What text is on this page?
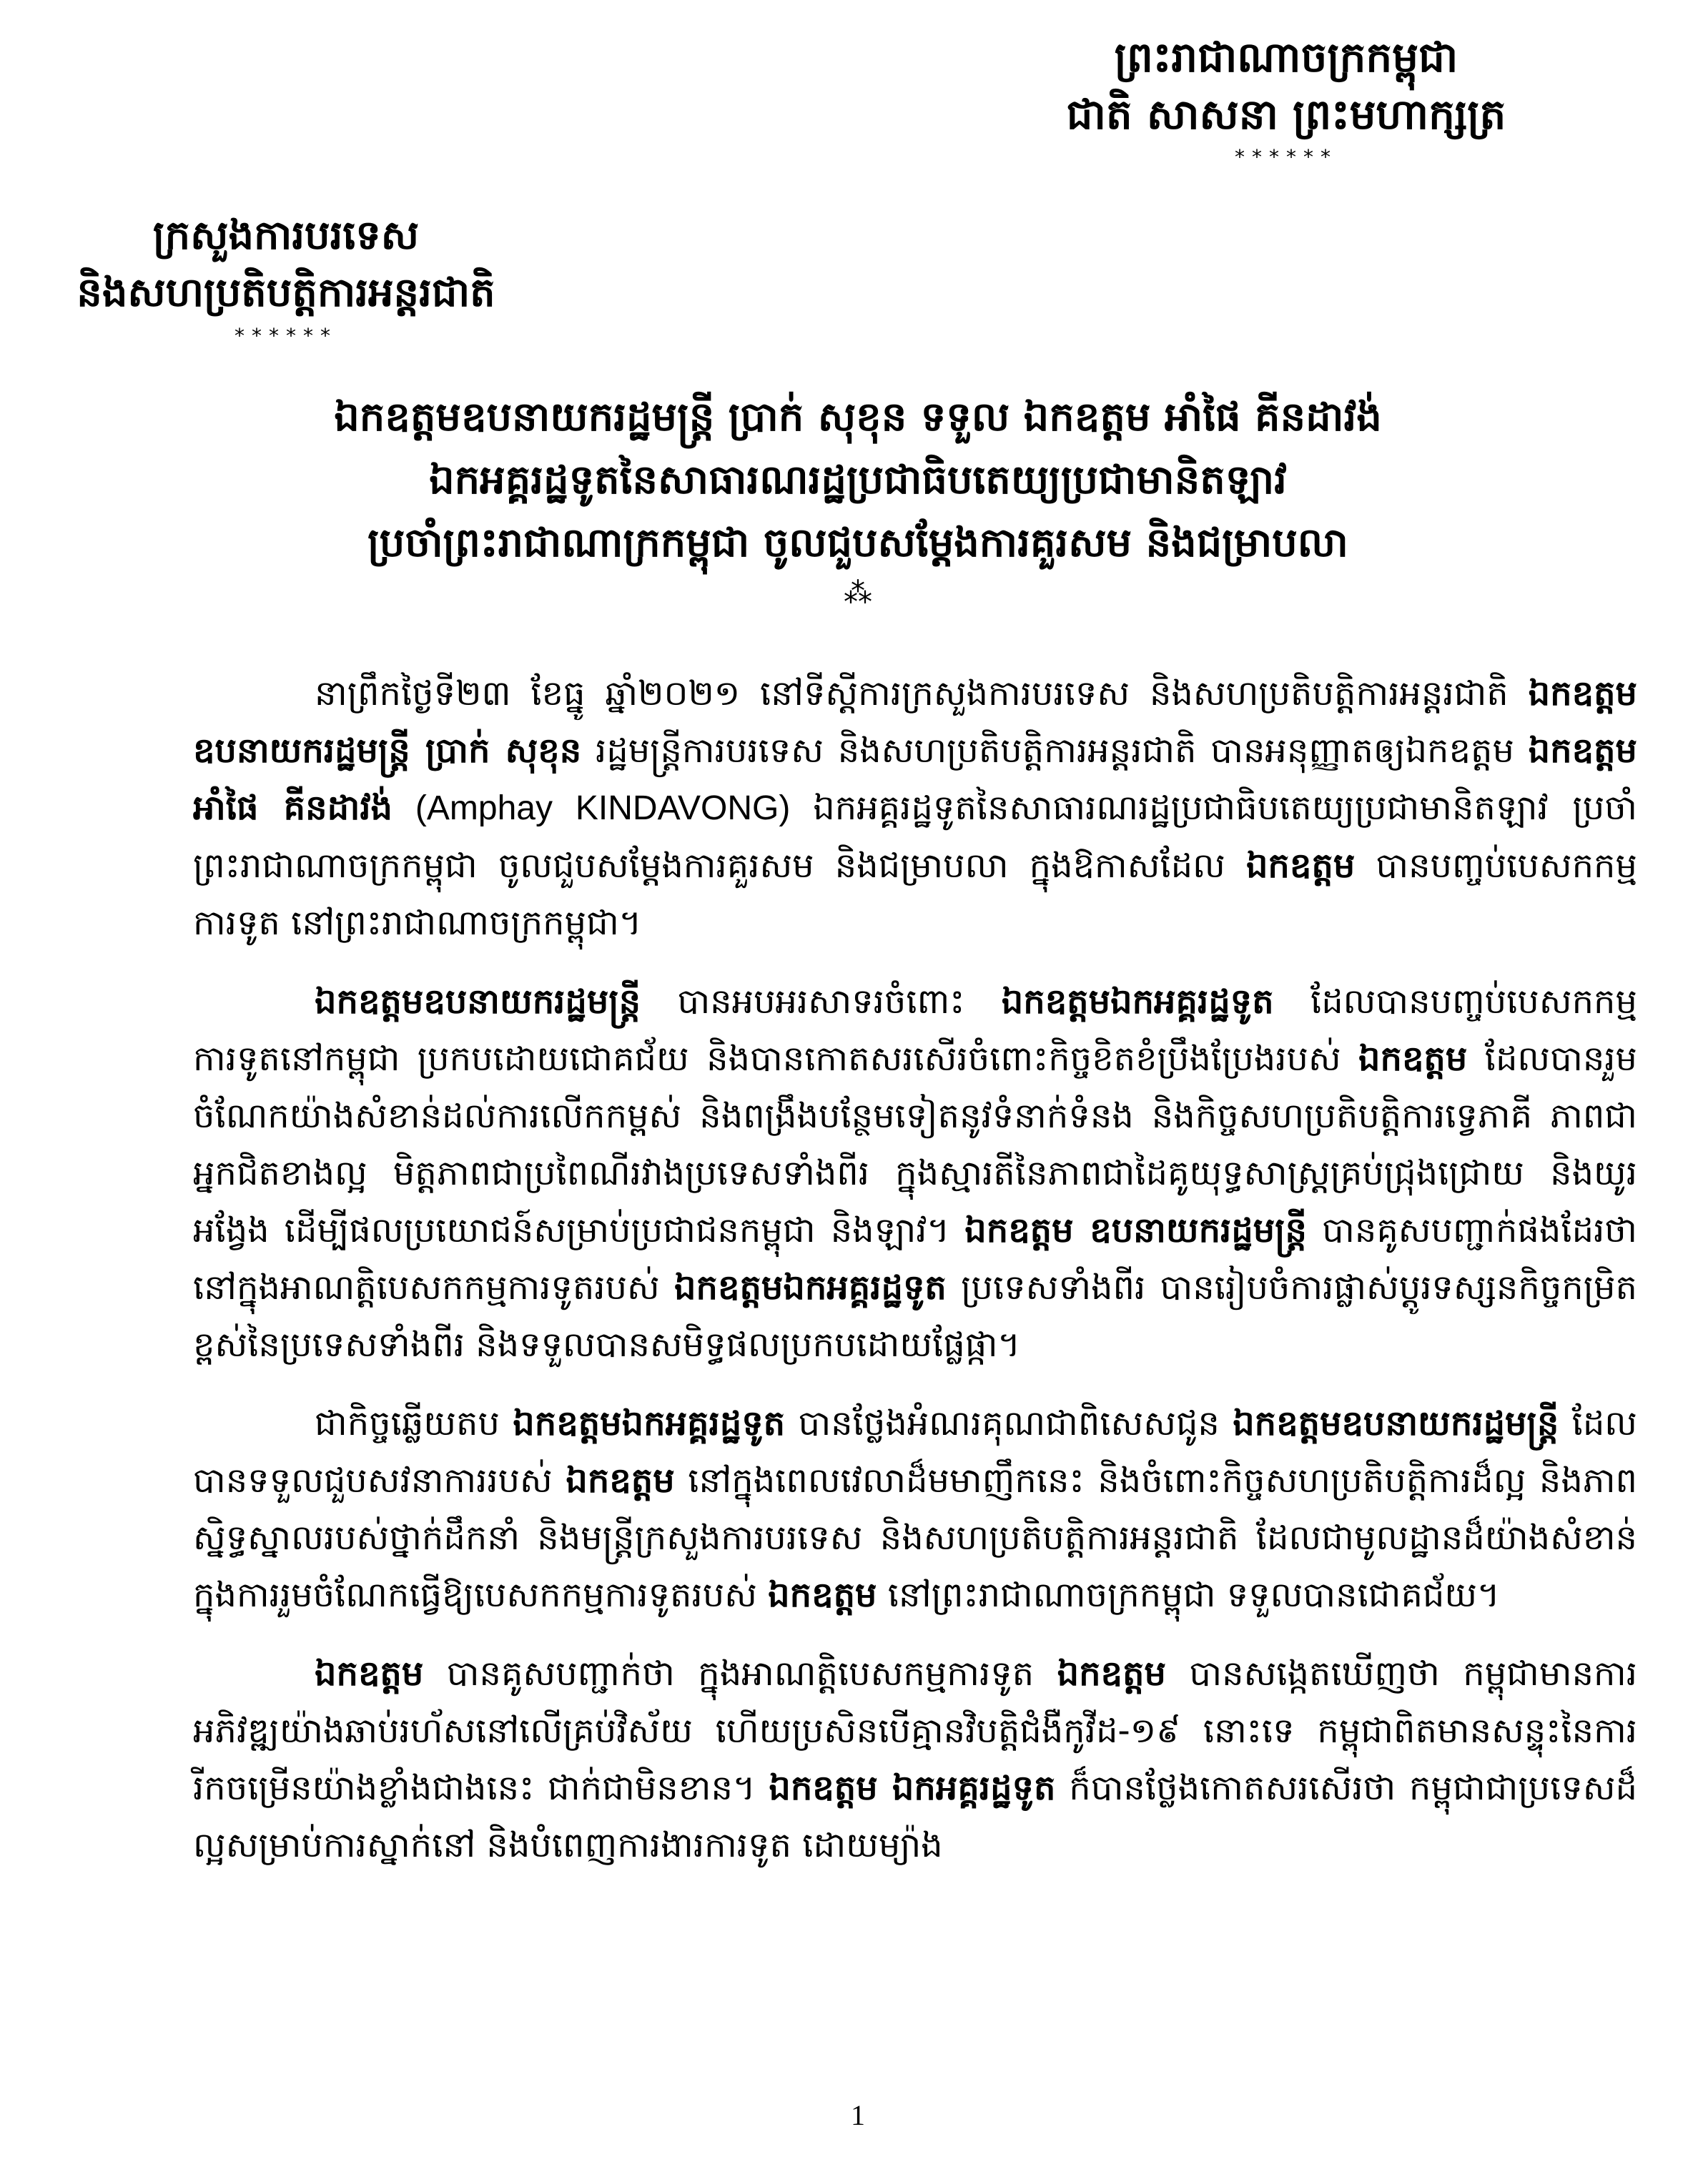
ព្រះរាជាណាចក្រកម្ពុជា
ជាតិ សាសនា ព្រះមហាក្សត្រ
******
ក្រសួងការបរទេស
និងសហប្រតិបត្តិការអន្តរជាតិ
******
ឯកឧត្តមឧបនាយករដ្ឋមន្ត្រី ប្រាក់ សុខុន ទទួល ឯកឧត្តម អាំផៃ គីនដាវង់
ឯកអគ្គរដ្ឋទូតនៃសាធារណរដ្ឋប្រជាធិបតេយ្យប្រជាមានិតឡាវ
ប្រចាំព្រះរាជាណាក្រកម្ពុជា ចូលជួបសម្តែងការគួរសម និងជម្រាបលា
⁂

នាព្រឹកថ្ងៃទី២៣ ខែធ្នូ ឆ្នាំ២០២១ នៅទីស្តីការក្រសួងការបរទេស និងសហប្រតិបត្តិការអន្តរជាតិ ឯកឧត្តមឧបនាយករដ្ឋមន្ត្រី ប្រាក់ សុខុន រដ្ឋមន្ត្រីការបរទេស និងសហប្រតិបត្តិការអន្តរជាតិ បានអនុញ្ញាតឲ្យឯកឧត្តម ឯកឧត្តម អាំផៃ គីនដាវង់ (Amphay KINDAVONG) ឯកអគ្គរដ្ឋទូតនៃសាធារណរដ្ឋប្រជាធិបតេយ្យប្រជាមានិតឡាវ ប្រចាំព្រះរាជាណាចក្រកម្ពុជា ចូលជួបសម្តែងការគួរសម និងជម្រាបលា ក្នុងឱកាសដែល ឯកឧត្តម បានបញ្ចប់បេសកកម្មការទូត នៅព្រះរាជាណាចក្រកម្ពុជា។

ឯកឧត្តមឧបនាយករដ្ឋមន្ត្រី បានអបអរសាទរចំពោះ ឯកឧត្តមឯកអគ្គរដ្ឋទូត ដែលបានបញ្ចប់បេសកកម្មការទូតនៅកម្ពុជា ប្រកបដោយជោគជ័យ និងបានកោតសរសើរចំពោះកិច្ចខិតខំប្រឹងប្រែងរបស់ ឯកឧត្តម ដែលបានរួមចំណែកយ៉ាងសំខាន់ដល់ការលើកកម្ពស់ និងពង្រឹងបន្ថែមទៀតនូវទំនាក់ទំនង និងកិច្ចសហប្រតិបត្តិការទ្វេភាគី ភាពជាអ្នកជិតខាងល្អ មិត្តភាពជាប្រពៃណីរវាងប្រទេសទាំងពីរ ក្នុងស្មារតីនៃភាពជាដៃគូយុទ្ធសាស្ត្រគ្រប់ជ្រុងជ្រោយ និងយូរអង្វែង ដើម្បីផលប្រយោជន៍សម្រាប់ប្រជាជនកម្ពុជា និងឡាវ។ ឯកឧត្តម ឧបនាយករដ្ឋមន្ត្រី បានគូសបញ្ជាក់ផងដែរថា នៅក្នុងអាណត្តិបេសកកម្មការទូតរបស់ ឯកឧត្តមឯកអគ្គរដ្ឋទូត ប្រទេសទាំងពីរ បានរៀបចំការផ្លាស់ប្តូរទស្សនកិច្ចកម្រិតខ្ពស់នៃប្រទេសទាំងពីរ និងទទួលបានសមិទ្ធផលប្រកបដោយផ្លែផ្កា។

ជាកិច្ចឆ្លើយតប ឯកឧត្តមឯកអគ្គរដ្ឋទូត បានថ្លែងអំណរគុណជាពិសេសជូន ឯកឧត្តមឧបនាយករដ្ឋមន្ត្រី ដែលបានទទួលជួបសវនាការរបស់ ឯកឧត្តម នៅក្នុងពេលវេលាដ៏មមាញឹកនេះ និងចំពោះកិច្ចសហប្រតិបត្តិការដ៏ល្អ និងភាពស្និទ្ធស្នាលរបស់ថ្នាក់ដឹកនាំ និងមន្ត្រីក្រសួងការបរទេស និងសហប្រតិបត្តិការអន្តរជាតិ ដែលជាមូលដ្ឋានដ៏យ៉ាងសំខាន់ក្នុងការរួមចំណែកធ្វើឱ្យបេសកកម្មការទូតរបស់ ឯកឧត្តម នៅព្រះរាជាណាចក្រកម្ពុជា ទទួលបានជោគជ័យ។

ឯកឧត្តម បានគូសបញ្ជាក់ថា ក្នុងអាណត្តិបេសកម្មការទូត ឯកឧត្តម បានសង្កេតឃើញថា កម្ពុជាមានការអភិវឌ្ឍយ៉ាងឆាប់រហ័សនៅលើគ្រប់វិស័យ ហើយប្រសិនបើគ្មានវិបត្តិជំងឺកូវីដ-១៩ នោះទេ កម្ពុជាពិតមានសន្ទុះនៃការរីកចម្រើនយ៉ាងខ្លាំងជាងនេះ ជាក់ជាមិនខាន។ ឯកឧត្តម ឯកអគ្គរដ្ឋទូត ក៏បានថ្លែងកោតសរសើរថា កម្ពុជាជាប្រទេសដ៏ល្អសម្រាប់ការស្នាក់នៅ និងបំពេញការងារការទូត ដោយម្យ៉ាង

1
